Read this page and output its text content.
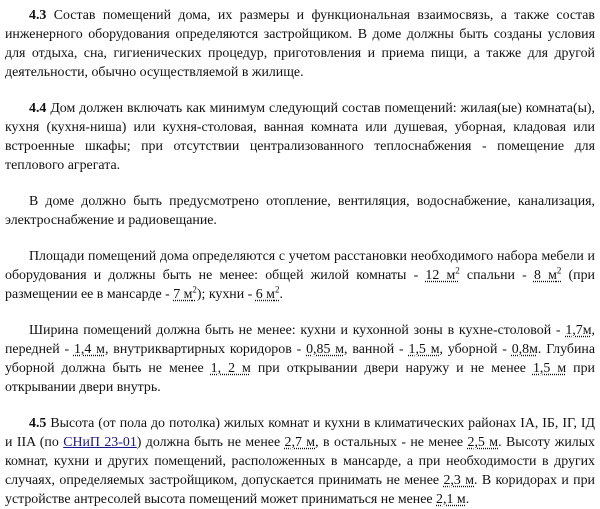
4.3 Состав помещений дома, их размеры и функциональная взаимосвязь, а также состав инженерного оборудования определяются застройщиком. В доме должны быть созданы условия для отдыха, сна, гигиенических процедур, приготовления и приема пищи, а также для другой деятельности, обычно осуществляемой в жилище.

4.4 Дом должен включать как минимум следующий состав помещений: жилая(ые) комната(ы), кухня (кухня-ниша) или кухня-столовая, ванная комната или душевая, уборная, кладовая или встроенные шкафы; при отсутствии централизованного теплоснабжения - помещение для теплового агрегата.

В доме должно быть предусмотрено отопление, вентиляция, водоснабжение, канализация, электроснабжение и радиовещание.

Площади помещений дома определяются с учетом расстановки необходимого набора мебели и оборудования и должны быть не менее: общей жилой комнаты - 12 $м^2$ спальни - 8 $м^2$ (при размещении ее в мансарде - 7 $м^2$); кухни - 6 $м^2$.

Ширина помещений должна быть не менее: кухни и кухонной зоны в кухне-столовой - 1,7м, передней - 1,4 м, внутриквартирных коридоров - 0,85 м, ванной - 1,5 м, уборной - 0,8м. Глубина уборной должна быть не менее 1, 2 м при открывании двери наружу и не менее 1,5 м при открывании двери внутрь.

4.5 Высота (от пола до потолка) жилых комнат и кухни в климатических районах IA, IБ, IГ, IД и IIA (по СНиП 23-01) должна быть не менее 2,7 м, в остальных - не менее 2,5 м. Высоту жилых комнат, кухни и других помещений, расположенных в мансарде, а при необходимости в других случаях, определяемых застройщиком, допускается принимать не менее 2,3 м. В коридорах и при устройстве антресолей высота помещений может приниматься не менее 2,1 м.
